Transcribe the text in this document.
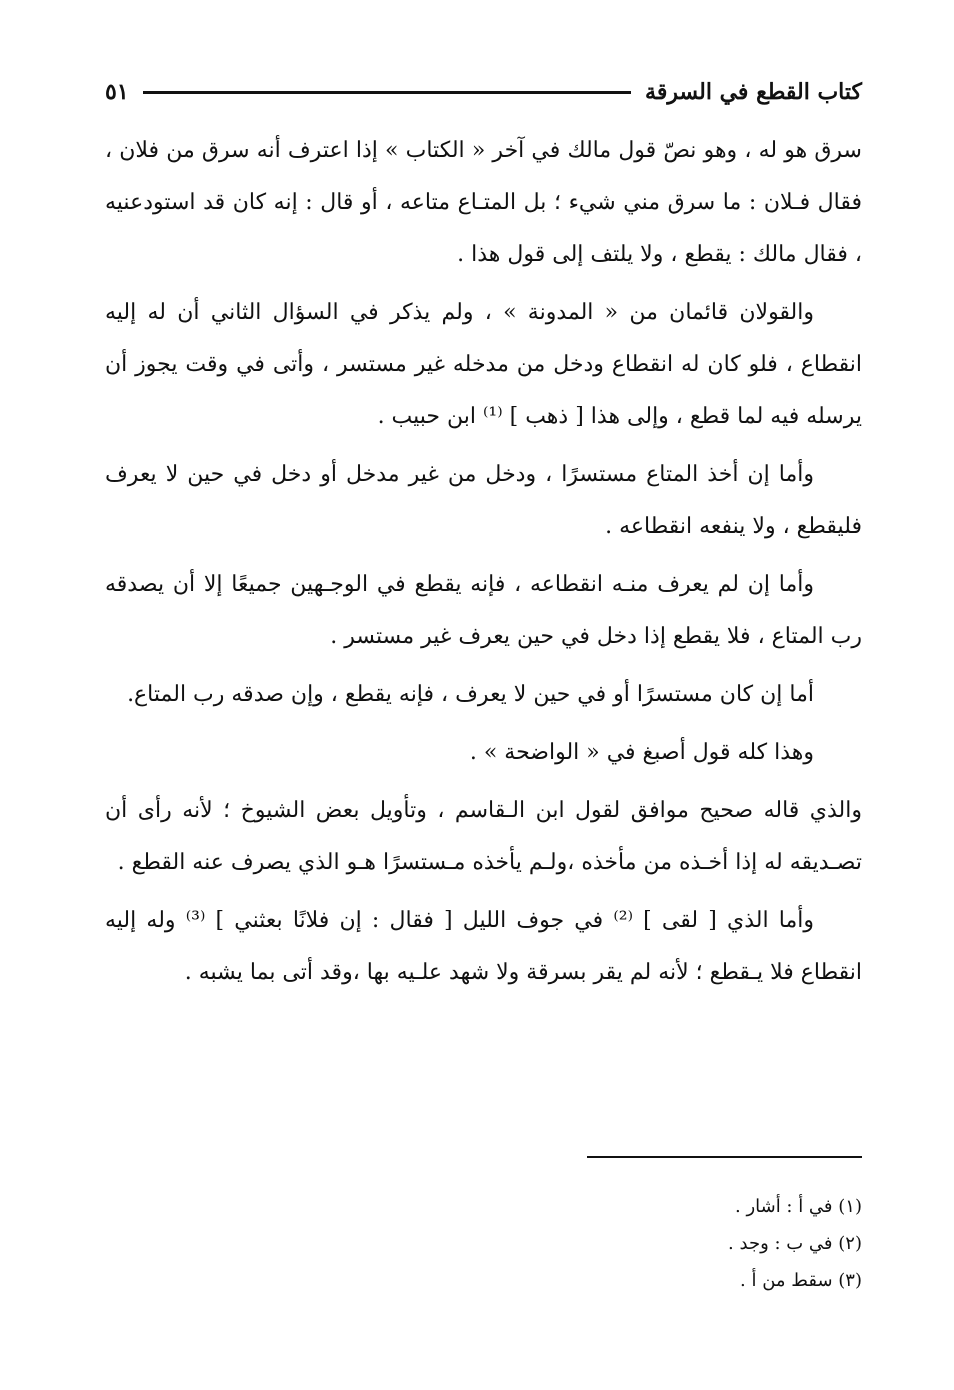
كتاب القطع في السرقة
٥١

سرق هو له ، وهو نصّ قول مالك في آخر « الكتاب » إذا اعترف أنه سرق من فلان ، فقال فـلان : ما سرق مني شيء ؛ بل المتـاع متاعه ، أو قال : إنه كان قد استودعنيه ، فقال مالك : يقطع ، ولا يلتف إلى قول هذا .

والقولان قائمان من « المدونة » ، ولم يذكر في السؤال الثاني أن له إليه انقطاع ، فلو كان له انقطاع ودخل من مدخله غير مستسر ، وأتى في وقت يجوز أن يرسله فيه لما قطع ، وإلى هذا [ ذهب ] ⁽¹⁾ ابن حبيب .

وأما إن أخذ المتاع مستسرًا ، ودخل من غير مدخل أو دخل في حين لا يعرف فليقطع ، ولا ينفعه انقطاعه .

وأما إن لم يعرف منـه انقطاعه ، فإنه يقطع في الوجـهين جميعًا إلا أن يصدقه رب المتاع ، فلا يقطع إذا دخل في حين يعرف غير مستسر .

أما إن كان مستسرًا أو في حين لا يعرف ، فإنه يقطع ، وإن صدقه رب المتاع.

وهذا كله قول أصبغ في « الواضحة » .

والذي قاله صحيح موافق لقول ابن الـقاسم ، وتأويل بعض الشيوخ ؛ لأنه رأى أن تصـديقه له إذا أخـذه من مأخذه ،ولـم يأخذه مـستسرًا هـو الذي يصرف عنه القطع .

وأما الذي [ لقى ] ⁽²⁾ في جوف الليل [ فقال : إن فلانًا بعثني ] ⁽³⁾ وله إليه انقطاع فلا يـقطع ؛ لأنه لم يقر بسرقة ولا شهد علـيه بها ،وقد أتى بما يشبه .

(١) في أ : أشار .
(٢) في ب : وجد .
(٣) سقط من أ .
